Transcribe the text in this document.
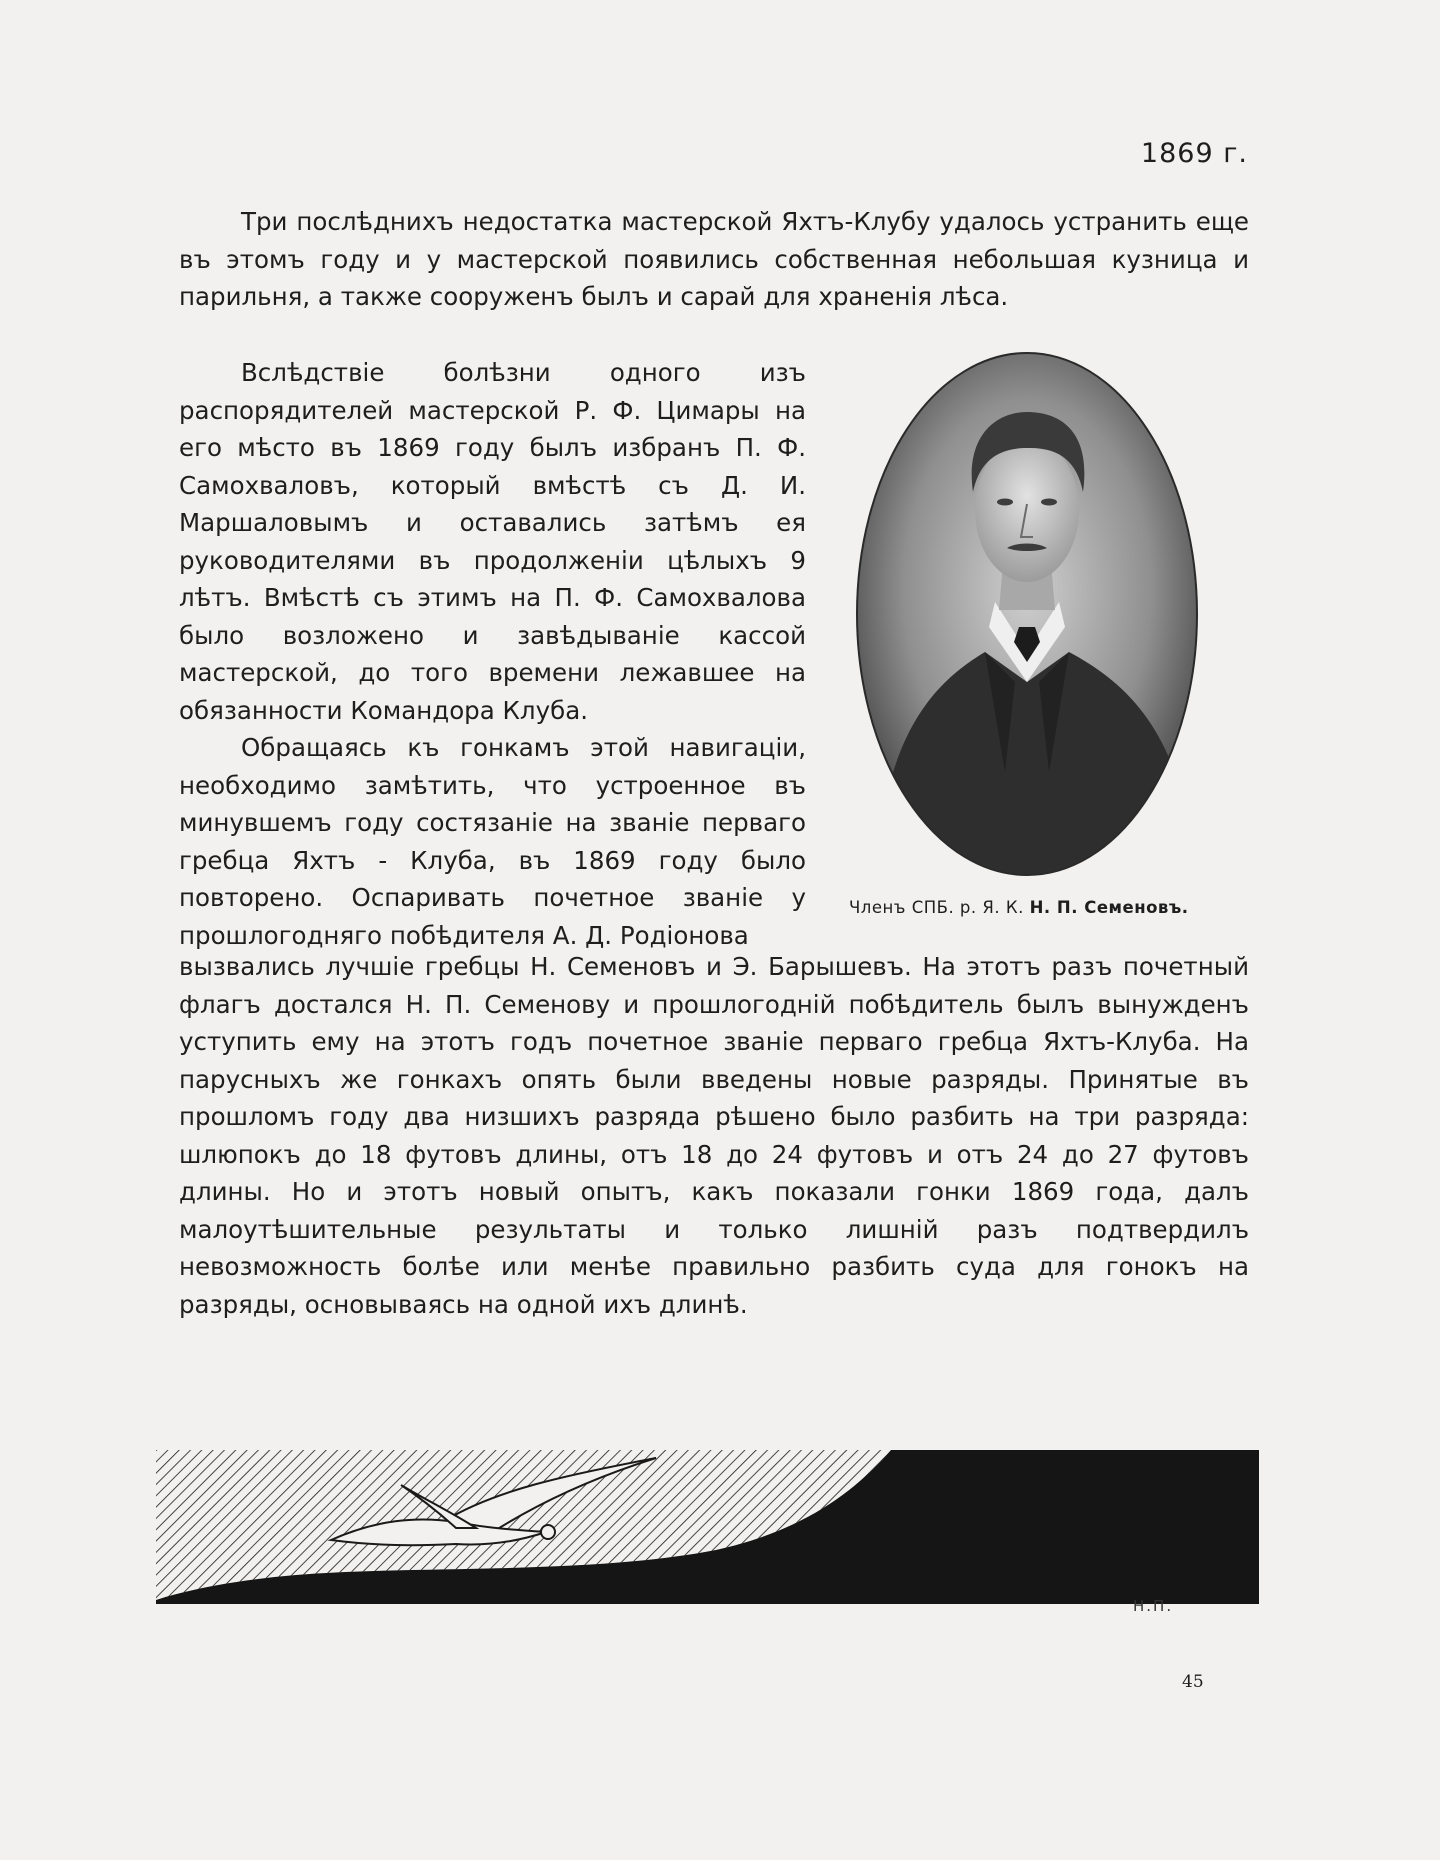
1869 г.

Три послѣднихъ недостатка мастерской Яхтъ-Клубу удалось устранить еще въ этомъ году и у мастерской появились собственная небольшая кузница и парильня, а также сооруженъ былъ и сарай для храненія лѣса.

Вслѣдствіе болѣзни одного изъ распорядителей мастерской Р. Ф. Цимары на его мѣсто въ 1869 году былъ избранъ П. Ф. Самохваловъ, который вмѣстѣ съ Д. И. Маршаловымъ и оставались затѣмъ ея руководителями въ продолженіи цѣлыхъ 9 лѣтъ. Вмѣстѣ съ этимъ на П. Ф. Самохвалова было возложено и завѣдываніе кассой мастерской, до того времени лежавшее на обязанности Командора Клуба.

Обращаясь къ гонкамъ этой навигаціи, необходимо замѣтить, что устроенное въ минувшемъ году состязаніе на званіе перваго гребца Яхтъ - Клуба, въ 1869 году было повторено. Оспаривать почетное званіе у прошлогодняго побѣдителя А. Д. Родіонова

Членъ СПБ. р. Я. К. Н. П. Семеновъ.

вызвались лучшіе гребцы Н. Семеновъ и Э. Барышевъ. На этотъ разъ почетный флагъ достался Н. П. Семенову и прошлогодній побѣдитель былъ вынужденъ уступить ему на этотъ годъ почетное званіе перваго гребца Яхтъ-Клуба. На парусныхъ же гонкахъ опять были введены новые разряды. Принятые въ прошломъ году два низшихъ разряда рѣшено было разбить на три разряда: шлюпокъ до 18 футовъ длины, отъ 18 до 24 футовъ и отъ 24 до 27 футовъ длины. Но и этотъ новый опытъ, какъ показали гонки 1869 года, далъ малоутѣшительные результаты и только лишній разъ подтвердилъ невозможность болѣе или менѣе правильно разбить суда для гонокъ на разряды, основываясь на одной ихъ длинѣ.

Н.П.
45
